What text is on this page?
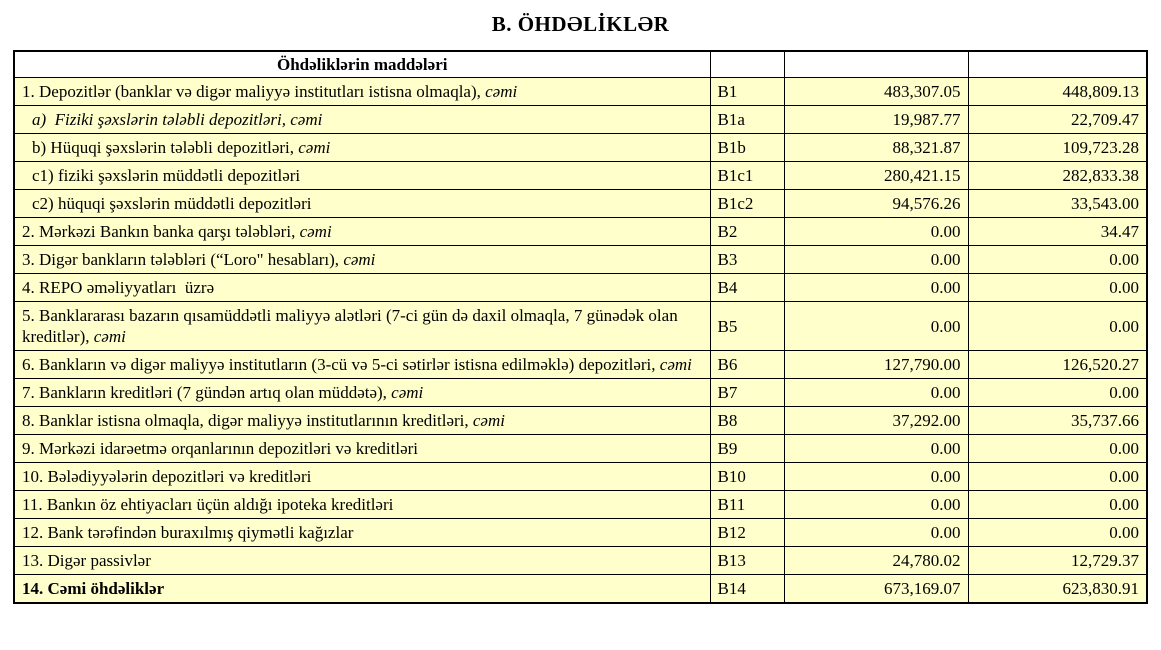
B. ÖHDƏLİKLƏR
Öhdəliklərin maddələri			
1. Depozitlər (banklar və digər maliyyə institutları istisna olmaqla), cəmi	B1	483,307.05	448,809.13
a)  Fiziki şəxslərin tələbli depozitləri, cəmi	B1a	19,987.77	22,709.47
b) Hüquqi şəxslərin tələbli depozitləri, cəmi	B1b	88,321.87	109,723.28
c1) fiziki şəxslərin müddətli depozitləri	B1c1	280,421.15	282,833.38
c2) hüquqi şəxslərin müddətli depozitləri	B1c2	94,576.26	33,543.00
2. Mərkəzi Bankın banka qarşı tələbləri, cəmi	B2	0.00	34.47
3. Digər bankların tələbləri (“Loro" hesabları), cəmi	B3	0.00	0.00
4. REPO əməliyyatları  üzrə	B4	0.00	0.00
5. Banklararası bazarın qısamüddətli maliyyə alətləri (7-ci gün də daxil olmaqla, 7 günədək olan kreditlər), cəmi	B5	0.00	0.00
6. Bankların və digər maliyyə institutların (3-cü və 5-ci sətirlər istisna edilməklə) depozitləri, cəmi	B6	127,790.00	126,520.27
7. Bankların kreditləri (7 gündən artıq olan müddətə), cəmi	B7	0.00	0.00
8. Banklar istisna olmaqla, digər maliyyə institutlarının kreditləri, cəmi	B8	37,292.00	35,737.66
9. Mərkəzi idarəetmə orqanlarının depozitləri və kreditləri	B9	0.00	0.00
10. Bələdiyyələrin depozitləri və kreditləri	B10	0.00	0.00
11. Bankın öz ehtiyacları üçün aldığı ipoteka kreditləri	B11	0.00	0.00
12. Bank tərəfindən buraxılmış qiymətli kağızlar	B12	0.00	0.00
13. Digər passivlər	B13	24,780.02	12,729.37
14. Cəmi öhdəliklər	B14	673,169.07	623,830.91
